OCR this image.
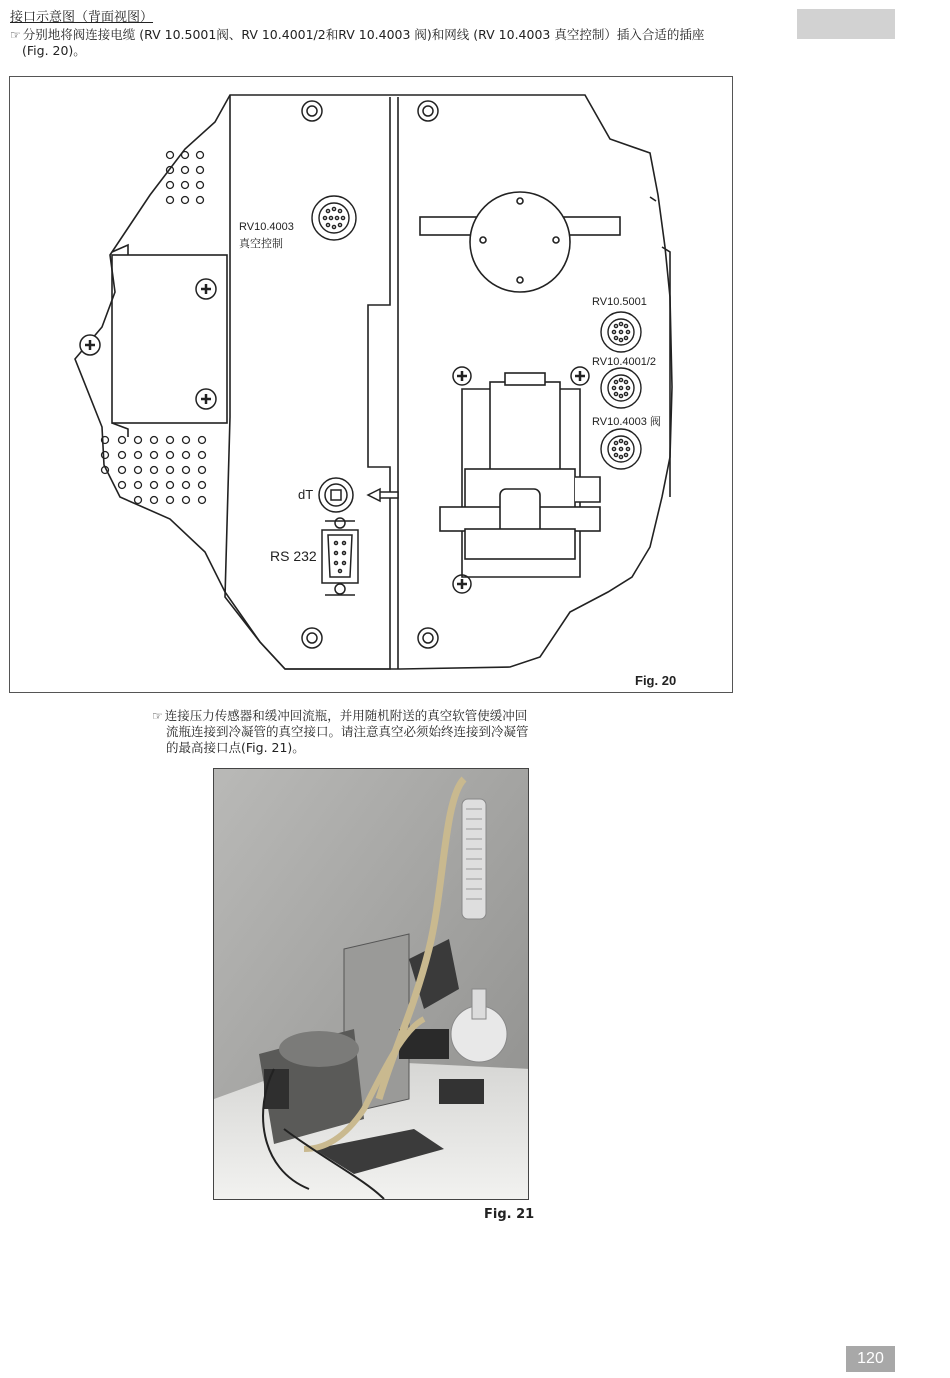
接口示意图（背面视图）
☞ 分别地将阀连接电缆 (RV 10.5001阀、RV 10.4001/2和RV 10.4003 阀)和网线 (RV 10.4003 真空控制）插入合适的插座
(Fig. 20)。
RV10.4003
真空控制
RV10.5001
RV10.4001/2
RV10.4003 阀
dT
RS 232
Fig. 20
☞ 连接压力传感器和缓冲回流瓶，并用随机附送的真空软管使缓冲回
流瓶连接到冷凝管的真空接口。请注意真空必须始终连接到冷凝管
的最高接口点(Fig. 21)。
Fig. 21
120
